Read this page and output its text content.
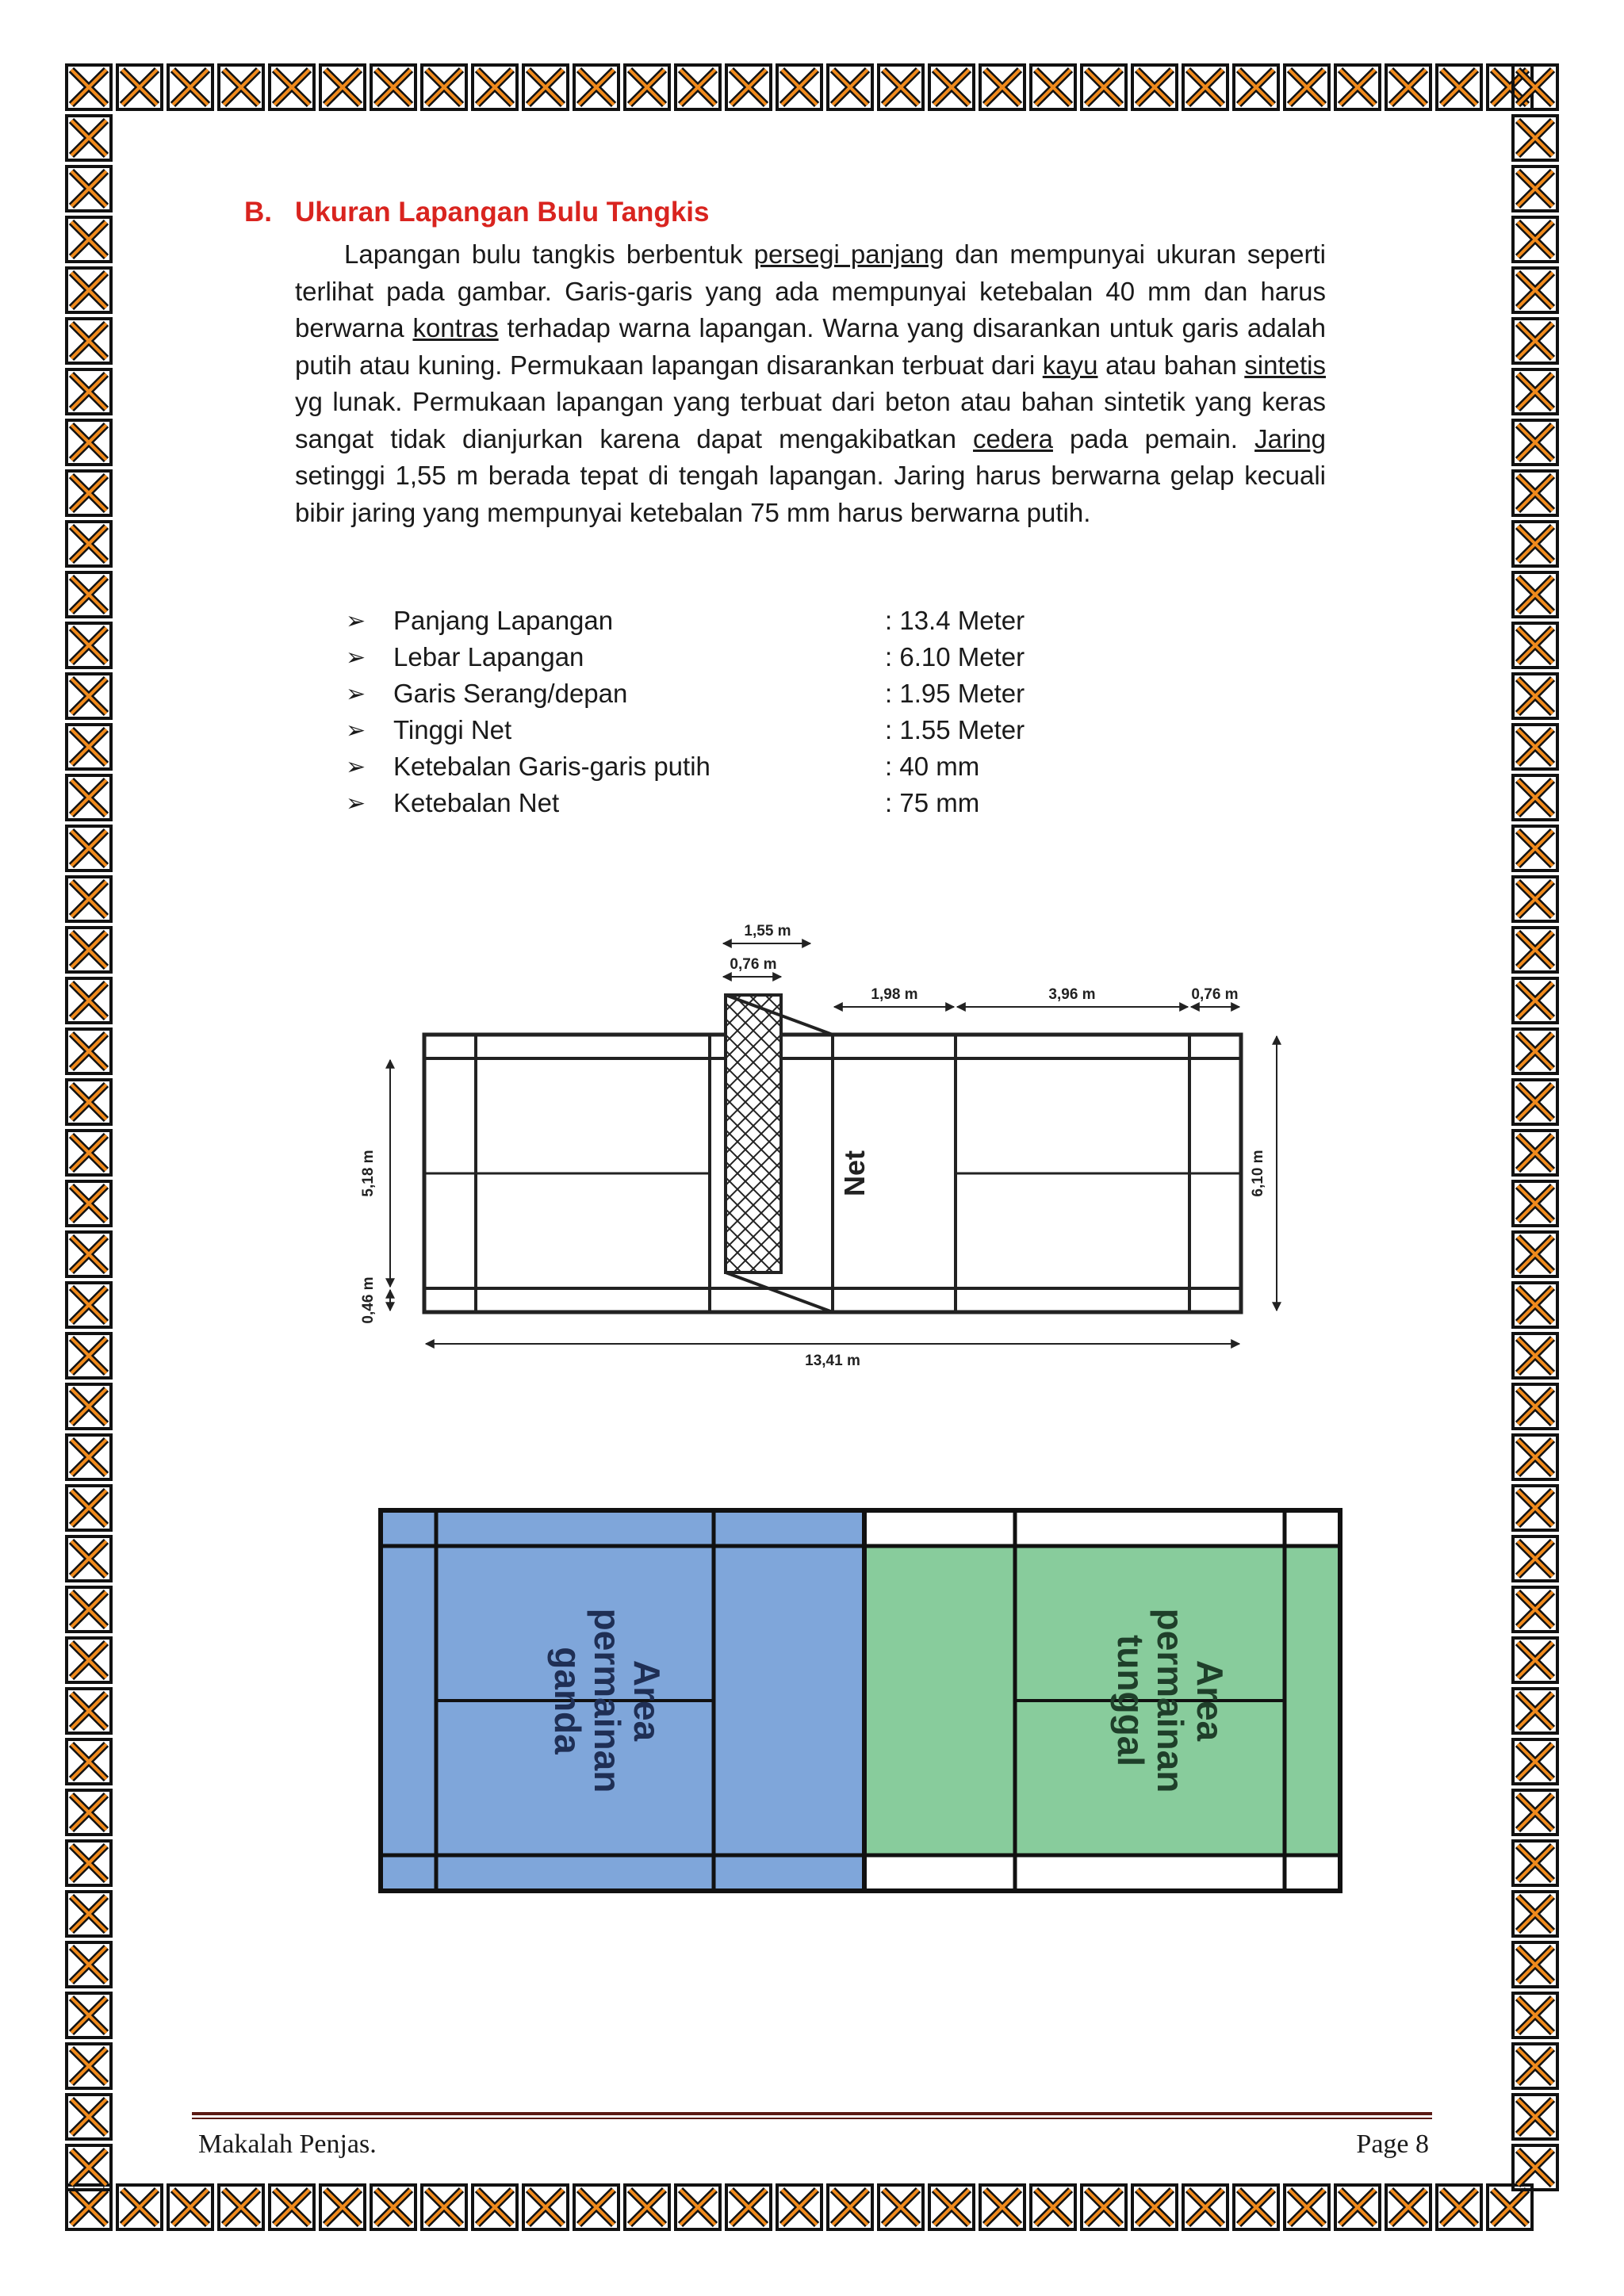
B. Ukuran Lapangan Bulu Tangkis

Lapangan bulu tangkis berbentuk persegi panjang dan mempunyai ukuran seperti terlihat pada gambar. Garis-garis yang ada mempunyai ketebalan 40 mm dan harus berwarna kontras terhadap warna lapangan. Warna yang disarankan untuk garis adalah putih atau kuning. Permukaan lapangan disarankan terbuat dari kayu atau bahan sintetis yg lunak. Permukaan lapangan yang terbuat dari beton atau bahan sintetik yang keras sangat tidak dianjurkan karena dapat mengakibatkan cedera pada pemain. Jaring setinggi 1,55 m berada tepat di tengah lapangan. Jaring harus berwarna gelap kecuali bibir jaring yang mempunyai ketebalan 75 mm harus berwarna putih.

➢	Panjang Lapangan	: 13.4 Meter
➢	Lebar Lapangan	: 6.10 Meter
➢	Garis Serang/depan	: 1.95 Meter
➢	Tinggi Net	: 1.55 Meter
➢	Ketebalan Garis-garis putih	: 40 mm
➢	Ketebalan Net	: 75 mm
Net
1,55 m
0,76 m
1,98 m	3,96 m	0,76 m
5,18 m
0,46 m
6,10 m
13,41 m
Area
permainan
ganda	Area
permainan
tunggal
Makalah Penjas.	Page 8
